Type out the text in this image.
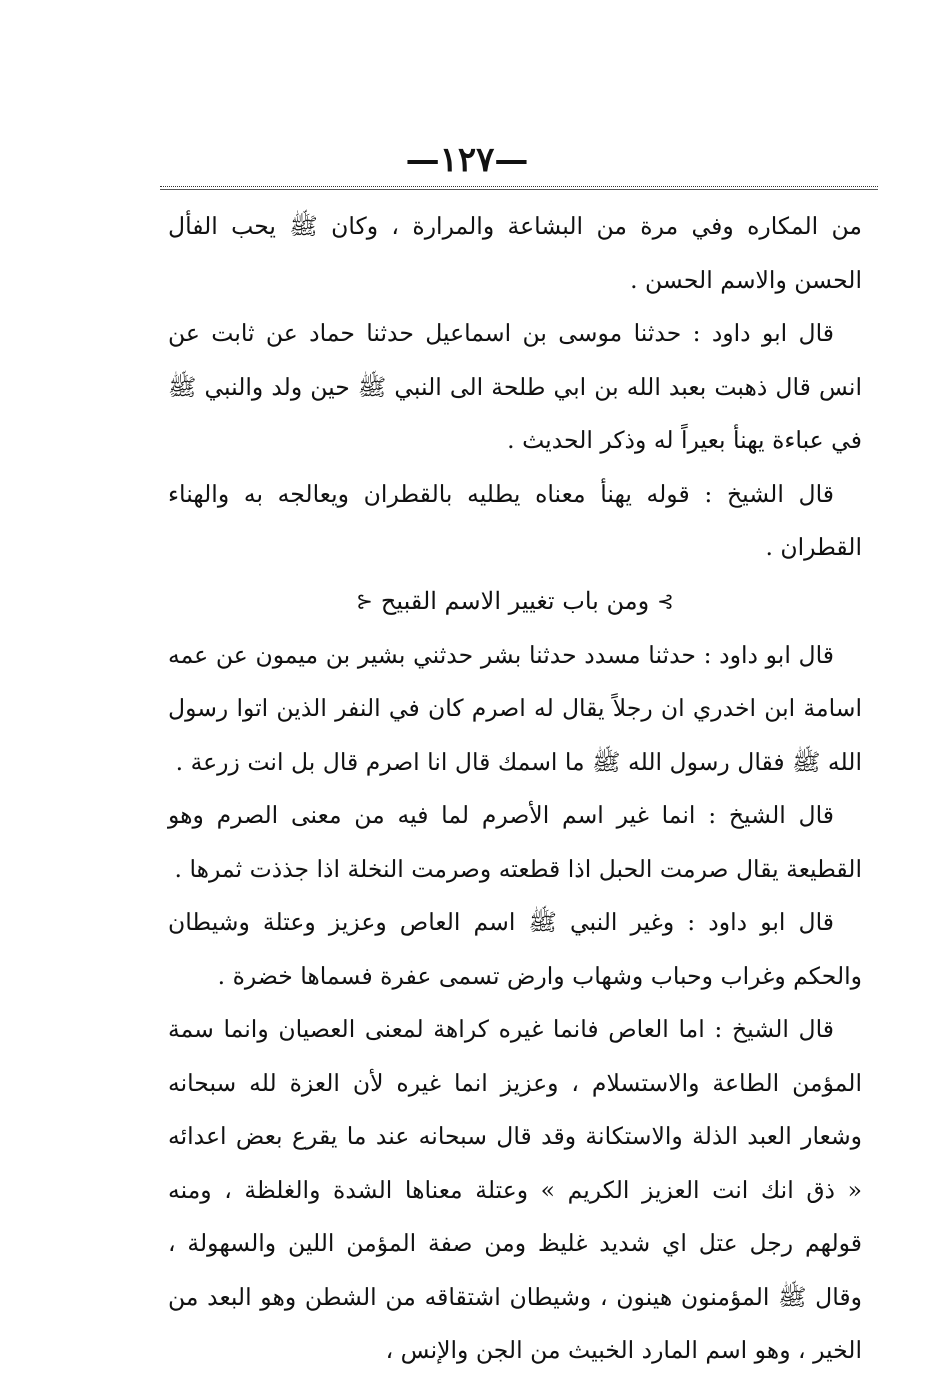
—١٢٧—

من المكاره وفي مرة من البشاعة والمرارة ، وكان ﷺ يحب الفأل الحسن والاسم الحسن .

قال ابو داود : حدثنا موسى بن اسماعيل حدثنا حماد عن ثابت عن انس قال ذهبت بعبد الله بن ابي طلحة الى النبي ﷺ حين ولد والنبي ﷺ في عباءة يهنأ بعيراً له وذكر الحديث .

قال الشيخ : قوله يهنأ معناه يطليه بالقطران ويعالجه به والهناء القطران .

⊱ومن باب تغيير الاسم القبيح⊰

قال ابو داود : حدثنا مسدد حدثنا بشر حدثني بشير بن ميمون عن عمه اسامة ابن اخدري ان رجلاً يقال له اصرم كان في النفر الذين اتوا رسول الله ﷺ فقال رسول الله ﷺ ما اسمك قال انا اصرم قال بل انت زرعة .

قال الشيخ : انما غير اسم الأصرم لما فيه من معنى الصرم وهو القطيعة يقال صرمت الحبل اذا قطعته وصرمت النخلة اذا جذذت ثمرها .

قال ابو داود : وغير النبي ﷺ اسم العاص وعزيز وعتلة وشيطان والحكم وغراب وحباب وشهاب وارض تسمى عفرة فسماها خضرة .

قال الشيخ : اما العاص فانما غيره كراهة لمعنى العصيان وانما سمة المؤمن الطاعة والاستسلام ، وعزيز انما غيره لأن العزة لله سبحانه وشعار العبد الذلة والاستكانة وقد قال سبحانه عند ما يقرع بعض اعدائه « ذق انك انت العزيز الكريم » وعتلة معناها الشدة والغلظة ، ومنه قولهم رجل عتل اي شديد غليظ ومن صفة المؤمن اللين والسهولة ، وقال ﷺ المؤمنون هينون ، وشيطان اشتقاقه من الشطن وهو البعد من الخير ، وهو اسم المارد الخبيث من الجن والإنس ،
